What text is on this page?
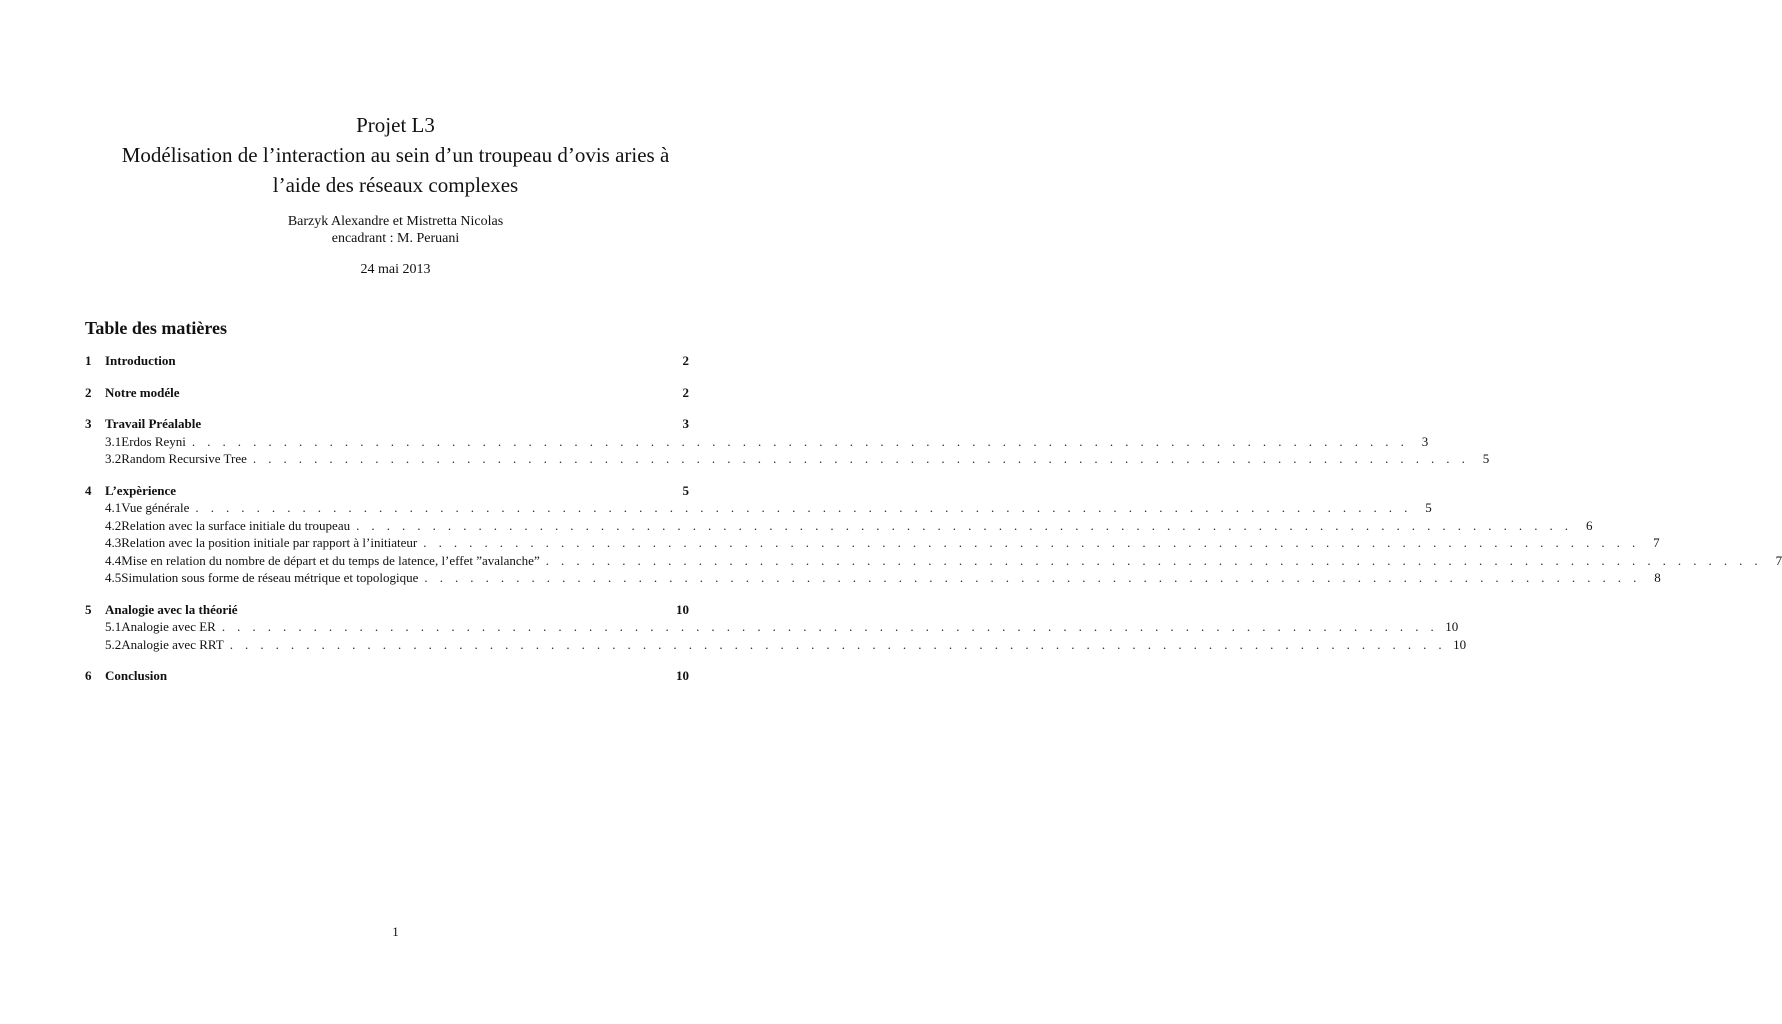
Projet L3
Modélisation de l’interaction au sein d’un troupeau d’ovis aries à
l’aide des réseaux complexes
Barzyk Alexandre et Mistretta Nicolas
encadrant : M. Peruani
24 mai 2013
Table des matières
1	Introduction	2
2	Notre modéle	2
3	Travail Préalable	3
3.1 Erdos Reyni . . . . . . . . . . . . . . . . . . . . . . . . . . . . . . . . . . . . . . . . . . . . . . . . . . . . . . . . . . . . . . . . . . . . . . . . . . . . . . . .	3
3.2 Random Recursive Tree . . . . . . . . . . . . . . . . . . . . . . . . . . . . . . . . . . . . . . . . . . . . . . . . . . . . . . . . . . . . . . . . . . . . . . . . . . . . . . . .	5
4	L’expèrience	5
4.1 Vue générale . . . . . . . . . . . . . . . . . . . . . . . . . . . . . . . . . . . . . . . . . . . . . . . . . . . . . . . . . . . . . . . . . . . . . . . . . . . . . . . .	5
4.2 Relation avec la surface initiale du troupeau . . . . . . . . . . . . . . . . . . . . . . . . . . . . . . . . . . . . . . . . . . . . . . . . . . . . . . . . . . . . . . . . . . . . . . . . . . . . . . . .	6
4.3 Relation avec la position initiale par rapport à l’initiateur . . . . . . . . . . . . . . . . . . . . . . . . . . . . . . . . . . . . . . . . . . . . . . . . . . . . . . . . . . . . . . . . . . . . . . . . . . . . . . . .	7
4.4 Mise en relation du nombre de départ et du temps de latence, l’effet ”avalanche” . . . . . . . . . . . . . . . . . . . . . . . . . . . . . . . . . . . . . . . . . . . . . . . . . . . . . . . . . . . . . . . . . . . . . . . . . . . . . . . .	7
4.5 Simulation sous forme de réseau métrique et topologique . . . . . . . . . . . . . . . . . . . . . . . . . . . . . . . . . . . . . . . . . . . . . . . . . . . . . . . . . . . . . . . . . . . . . . . . . . . . . . . .	8
5	Analogie avec la théorié	10
5.1 Analogie avec ER . . . . . . . . . . . . . . . . . . . . . . . . . . . . . . . . . . . . . . . . . . . . . . . . . . . . . . . . . . . . . . . . . . . . . . . . . . . . . . . . 10
5.2 Analogie avec RRT . . . . . . . . . . . . . . . . . . . . . . . . . . . . . . . . . . . . . . . . . . . . . . . . . . . . . . . . . . . . . . . . . . . . . . . . . . . . . . . . 10
6	Conclusion	10
1
